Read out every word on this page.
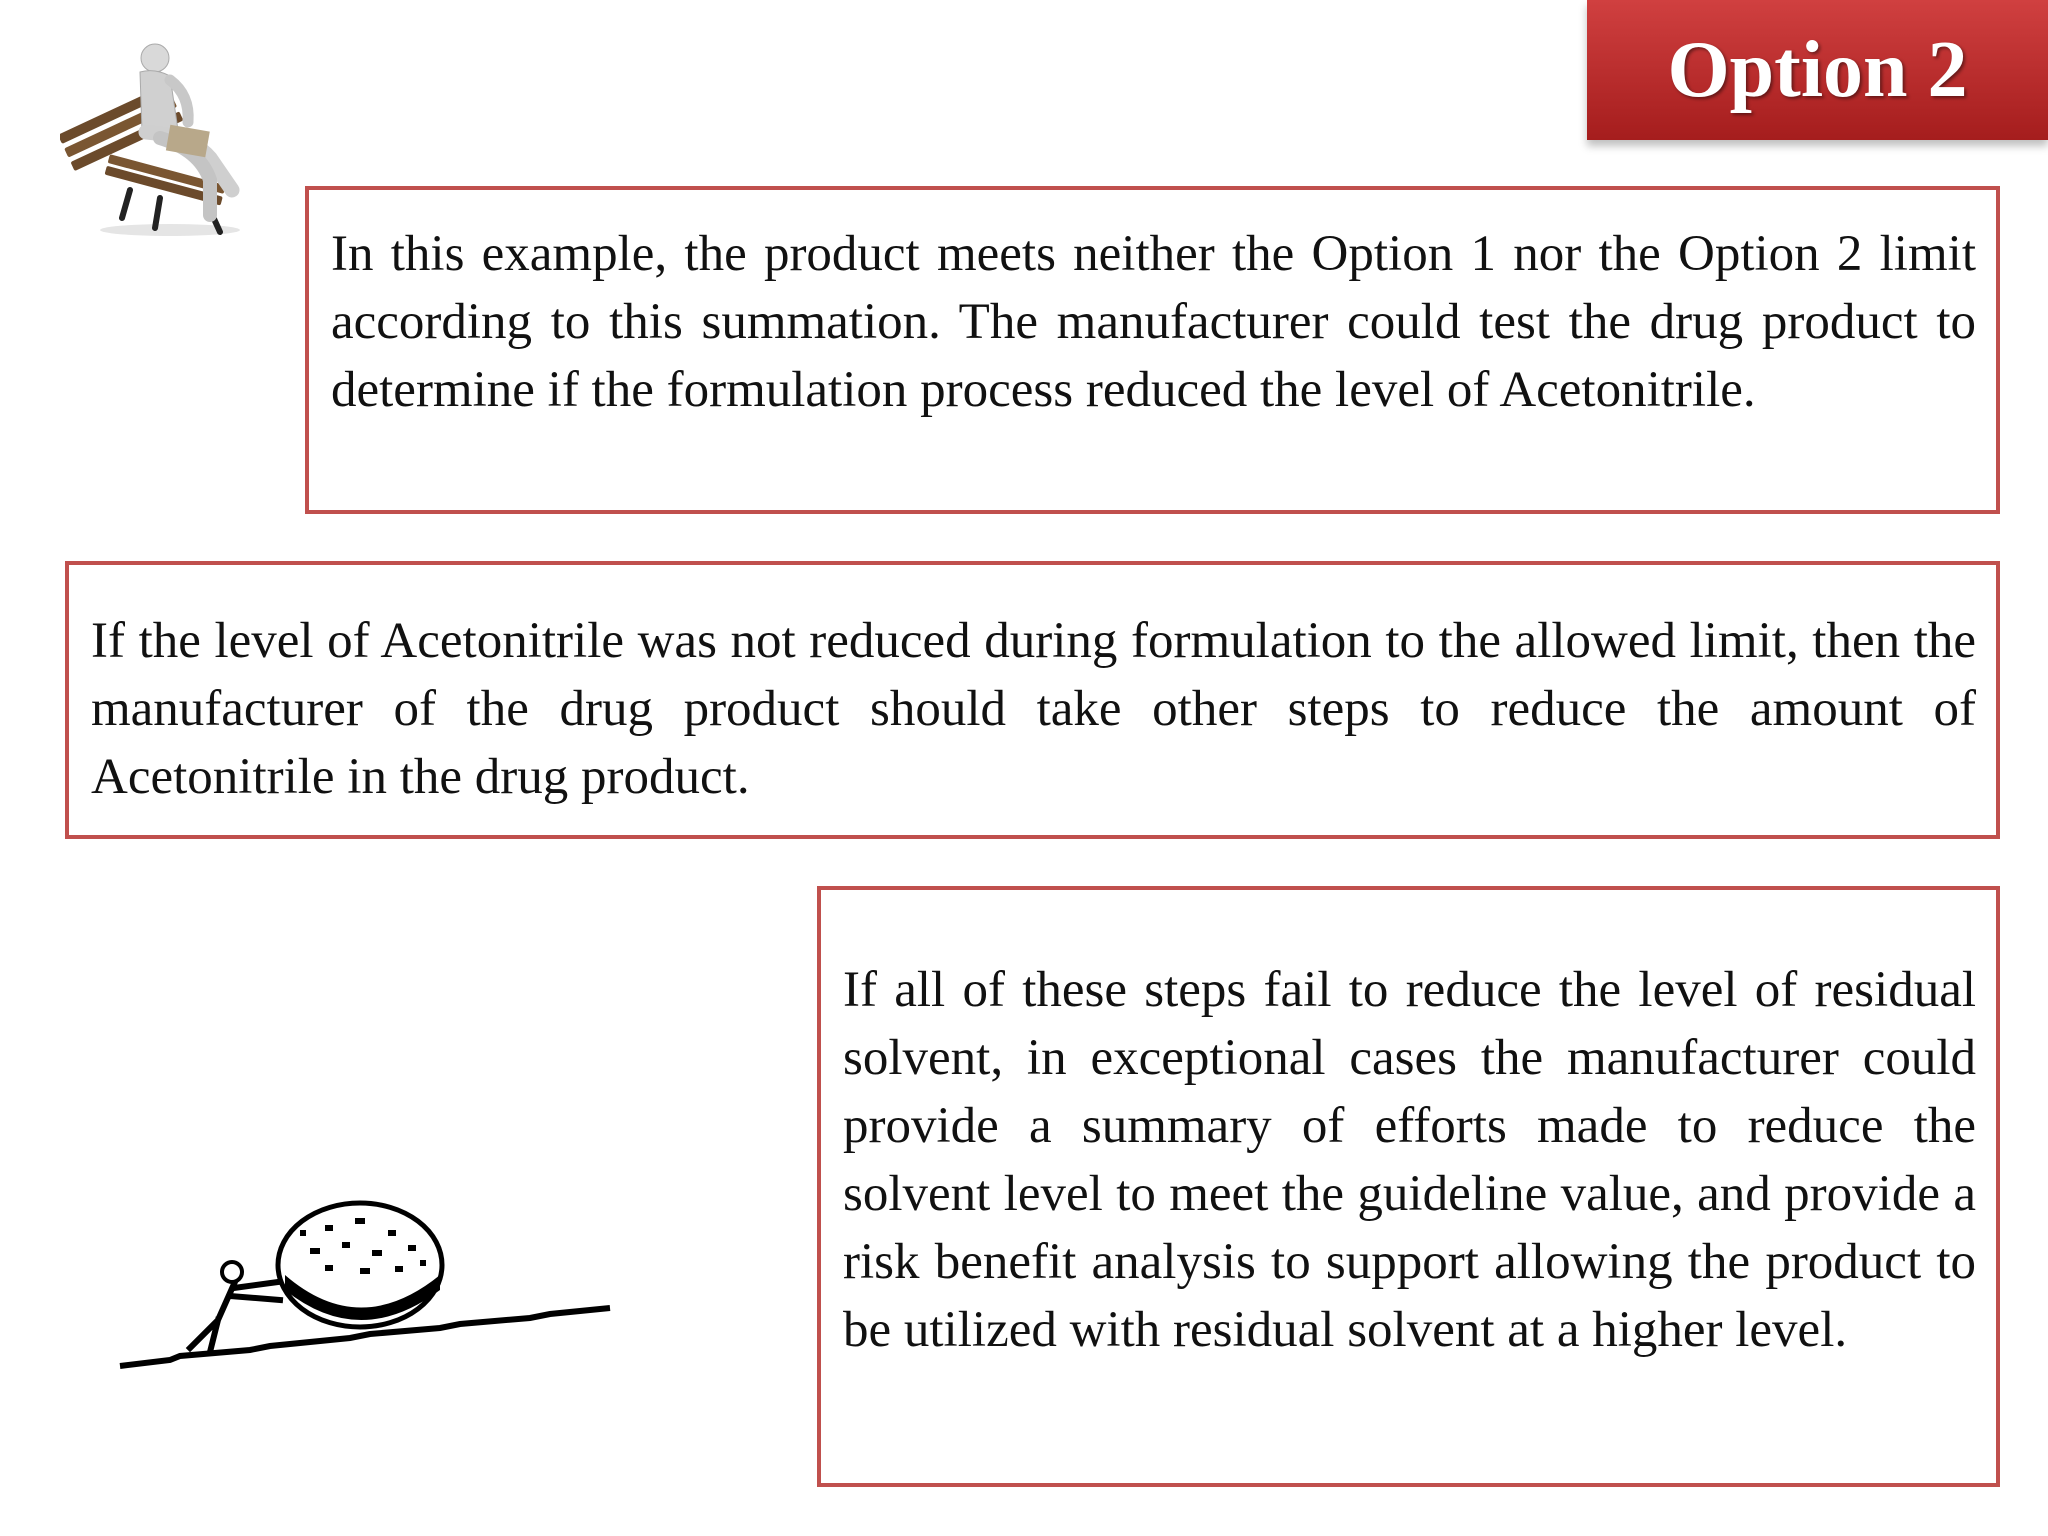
Option 2
In this example, the product meets neither the Option 1 nor the Option 2 limit according to this summation. The manufacturer could test the drug product to determine if the formulation process reduced the level of Acetonitrile.
If the level of Acetonitrile was not reduced during formulation to the allowed limit, then the manufacturer of the drug product should take other steps to reduce the amount of Acetonitrile in the drug product.
If all of these steps fail to reduce the level of residual solvent, in exceptional cases the manufacturer could provide a summary of efforts made to reduce the solvent level to meet the guideline value, and provide a risk benefit analysis to support allowing the product to be utilized with residual solvent at a higher level.
